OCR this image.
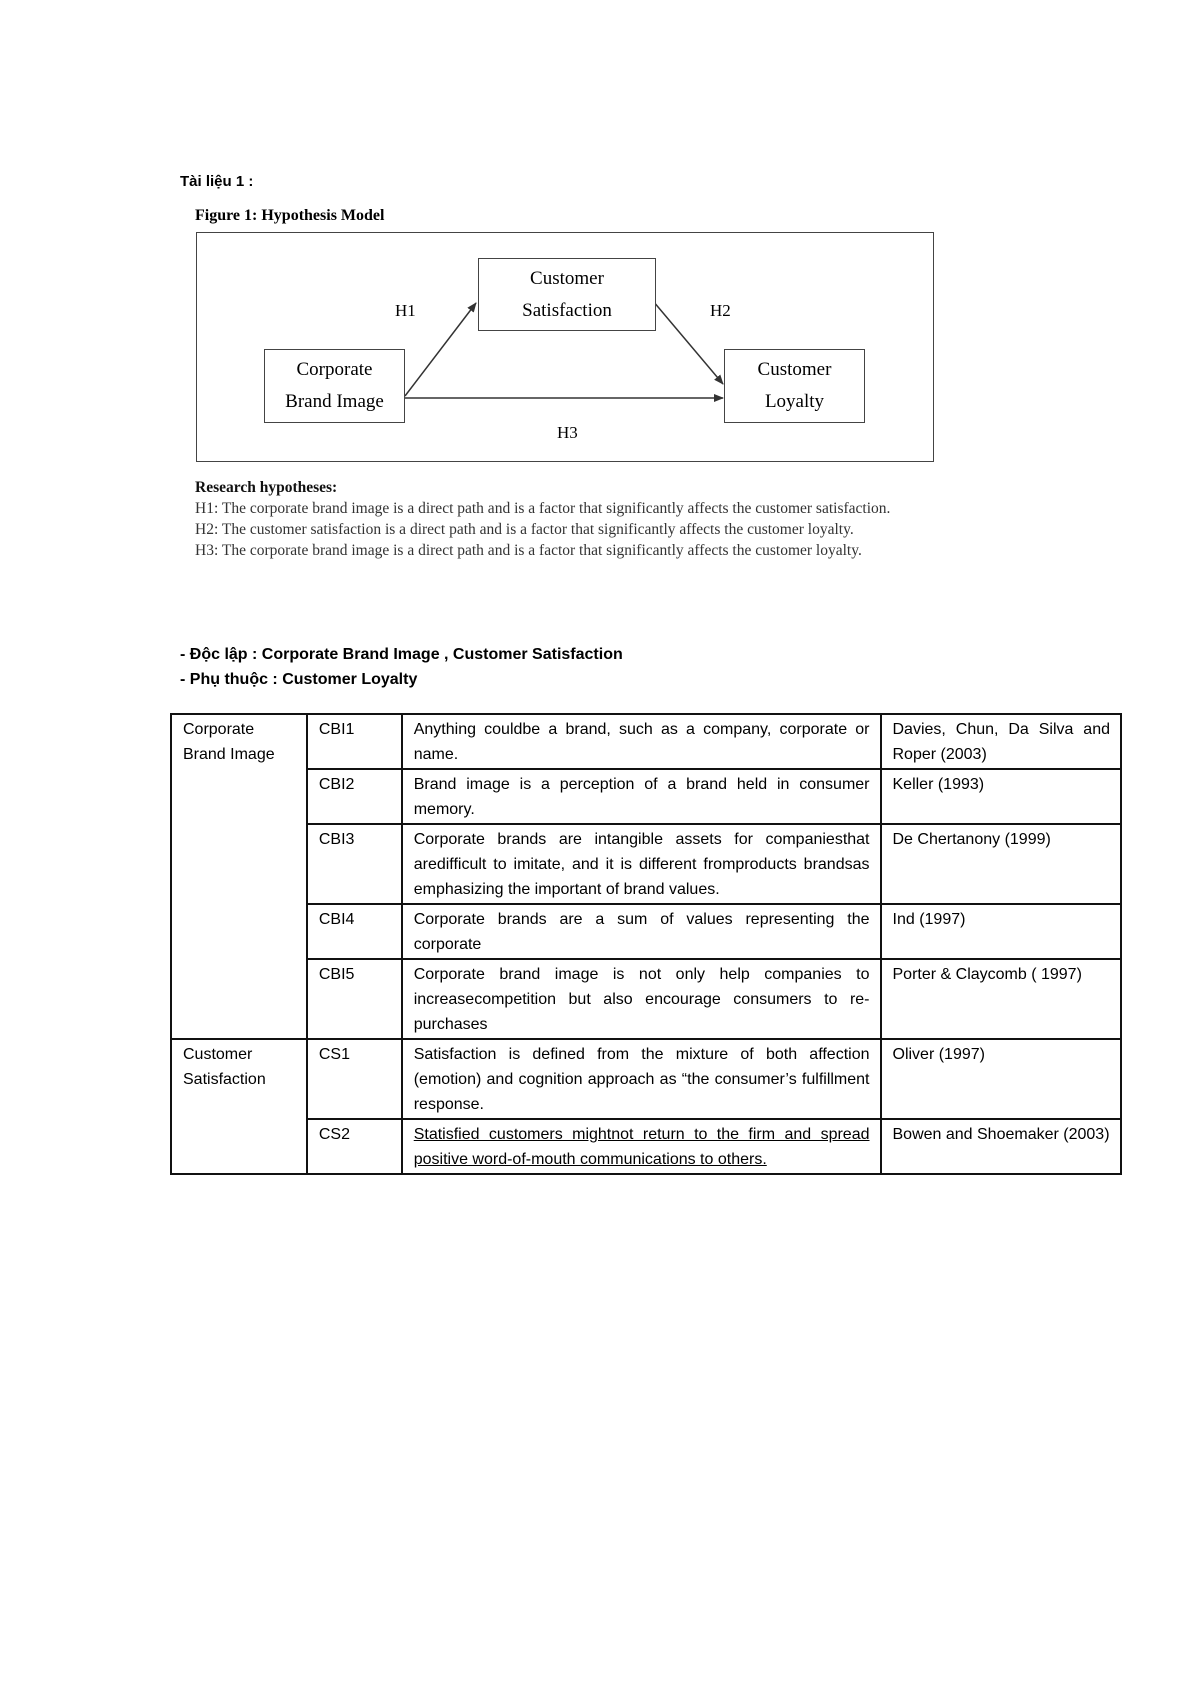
Tài liệu 1 :
Figure 1: Hypothesis Model
Customer
Satisfaction
Corporate
Brand Image
Customer
Loyalty
H1	H2
H3
Research hypotheses:
H1: The corporate brand image is a direct path and is a factor that significantly affects the customer satisfaction.
H2: The customer satisfaction is a direct path and is a factor that significantly affects the customer loyalty.
H3: The corporate brand image is a direct path and is a factor that significantly affects the customer loyalty.
- Độc lập : Corporate Brand Image , Customer Satisfaction
- Phụ thuộc : Customer Loyalty
Corporate Brand Image	CBI1	Anything couldbe a brand, such as a company, corporate or name.	Davies, Chun, Da Silva and Roper (2003)
	CBI2	Brand image is a perception of a brand held in consumer memory.	Keller (1993)
	CBI3	Corporate brands are intangible assets for companiesthat aredifficult to imitate, and it is different fromproducts brandsas emphasizing the important of brand values.	De Chertanony (1999)
	CBI4	Corporate brands are a sum of values representing the corporate	Ind (1997)
	CBI5	Corporate brand image is not only help companies to increasecompetition but also encourage consumers to re-purchases	Porter & Claycomb ( 1997)
Customer Satisfaction	CS1	Satisfaction is defined from the mixture of both affection (emotion) and cognition approach as “the consumer’s fulfillment response.	Oliver (1997)
	CS2	Statisfied customers mightnot return to the firm and spread positive word-of-mouth communications to others.	Bowen and Shoemaker (2003)
